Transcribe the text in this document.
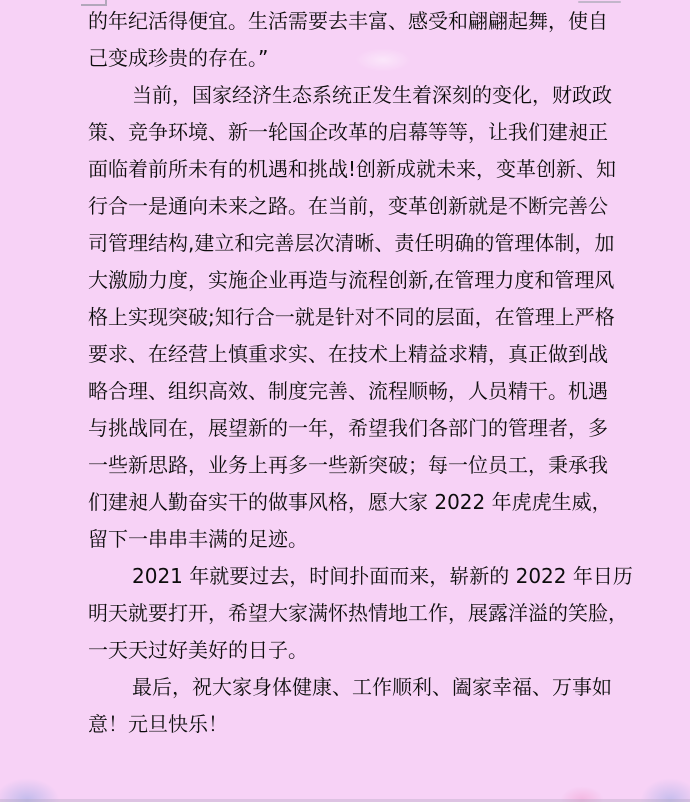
的年纪活得便宜。生活需要去丰富、感受和翩翩起舞，使自
己变成珍贵的存在。”
当前，国家经济生态系统正发生着深刻的变化，财政政
策、竞争环境、新一轮国企改革的启幕等等，让我们建昶正
面临着前所未有的机遇和挑战!创新成就未来，变革创新、知
行合一是通向未来之路。在当前，变革创新就是不断完善公
司管理结构,建立和完善层次清晰、责任明确的管理体制，加
大激励力度，实施企业再造与流程创新,在管理力度和管理风
格上实现突破;知行合一就是针对不同的层面，在管理上严格
要求、在经营上慎重求实、在技术上精益求精，真正做到战
略合理、组织高效、制度完善、流程顺畅，人员精干。机遇
与挑战同在，展望新的一年，希望我们各部门的管理者，多
一些新思路，业务上再多一些新突破；每一位员工，秉承我
们建昶人勤奋实干的做事风格，愿大家 2022 年虎虎生威，
留下一串串丰满的足迹。
2021 年就要过去，时间扑面而来，崭新的 2022 年日历
明天就要打开，希望大家满怀热情地工作，展露洋溢的笑脸，
一天天过好美好的日子。
最后，祝大家身体健康、工作顺利、阖家幸福、万事如
意！元旦快乐！
